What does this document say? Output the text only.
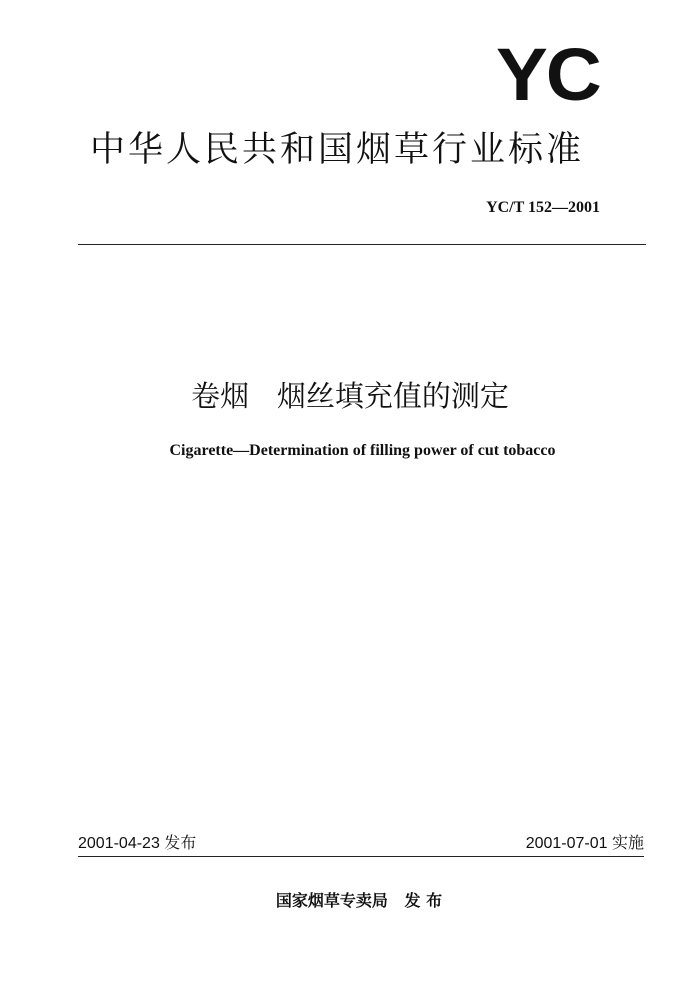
YC
中华人民共和国烟草行业标准
YC/T 152—2001
卷烟   烟丝填充值的测定
Cigarette—Determination of filling power of cut tobacco
2001-04-23 发布	2001-07-01 实施
国家烟草专卖局   发 布
